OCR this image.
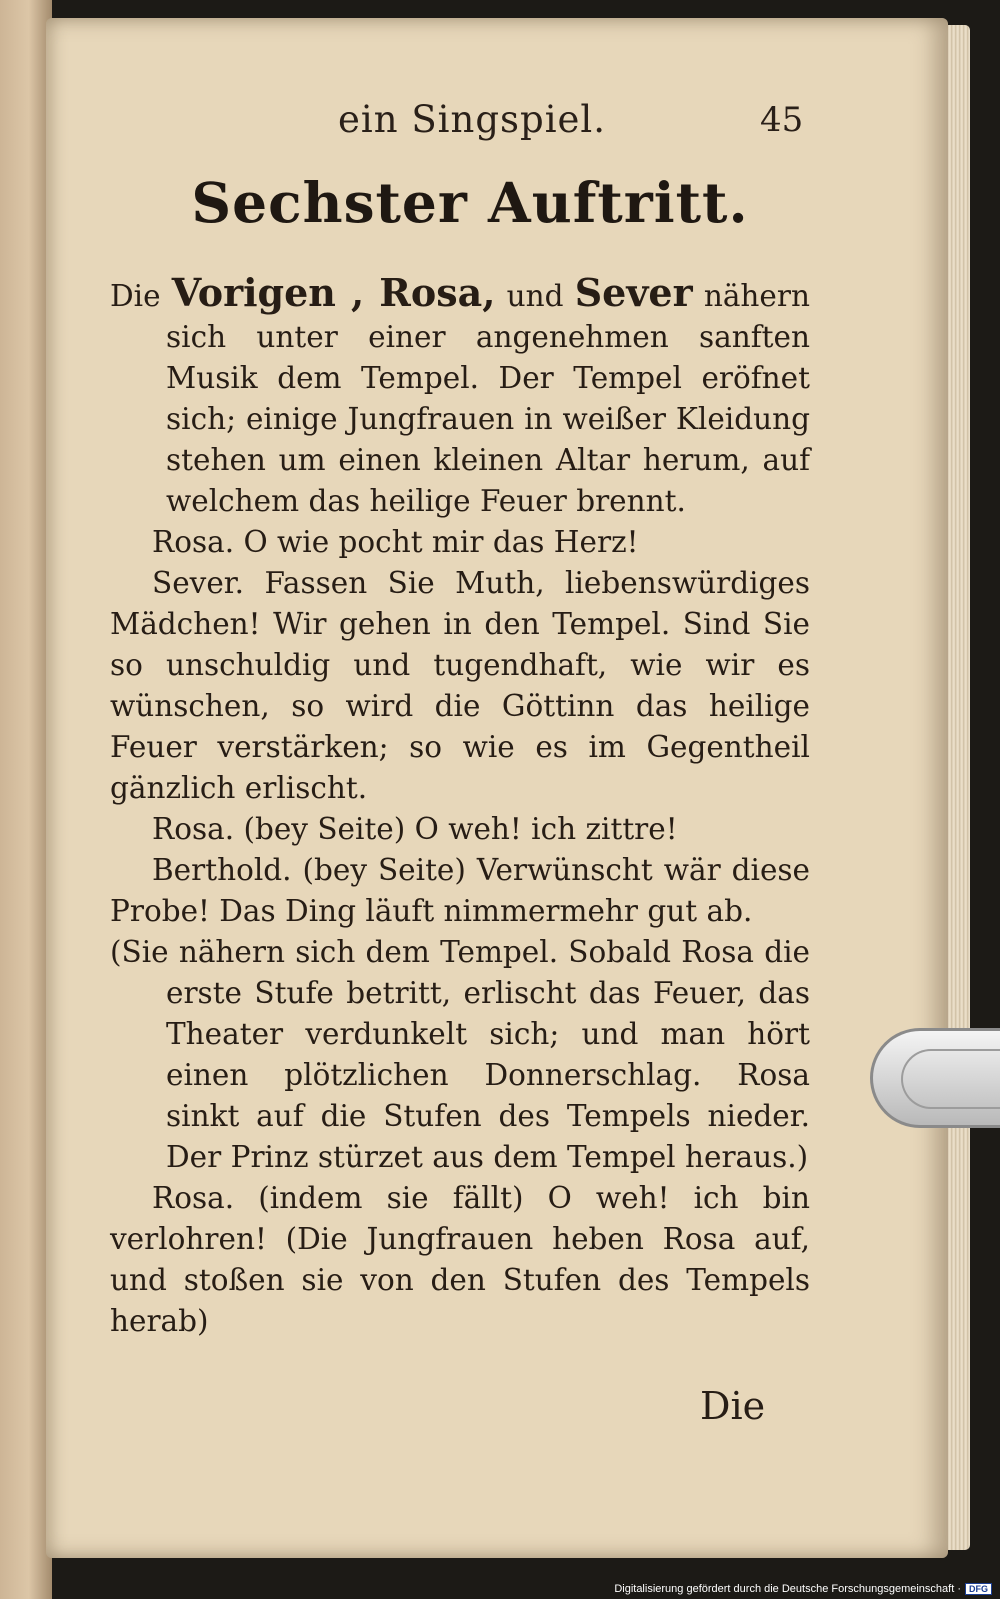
ein Singspiel.	45
Sechster Auftritt.

Die Vorigen , Rosa, und Sever nähern sich unter einer angenehmen sanften Musik dem Tempel. Der Tempel eröfnet sich; einige Jungfrauen in weißer Kleidung stehen um einen kleinen Altar herum, auf welchem das heilige Feuer brennt.

Rosa. O wie pocht mir das Herz!

Sever. Fassen Sie Muth, liebenswürdiges Mädchen! Wir gehen in den Tempel. Sind Sie so unschuldig und tugendhaft, wie wir es wünschen, so wird die Göttinn das heilige Feuer verstärken; so wie es im Gegentheil gänzlich erlischt.

Rosa. (bey Seite) O weh! ich zittre!

Berthold. (bey Seite) Verwünscht wär diese Probe! Das Ding läuft nimmermehr gut ab.

(Sie nähern sich dem Tempel. Sobald Rosa die erste Stufe betritt, erlischt das Feuer, das Theater verdunkelt sich; und man hört einen plötzlichen Donnerschlag. Rosa sinkt auf die Stufen des Tempels nieder. Der Prinz stürzet aus dem Tempel heraus.)

Rosa. (indem sie fällt) O weh! ich bin verlohren! (Die Jungfrauen heben Rosa auf, und stoßen sie von den Stufen des Tempels herab)

Die
Digitalisierung gefördert durch die Deutsche Forschungsgemeinschaft · DFG
